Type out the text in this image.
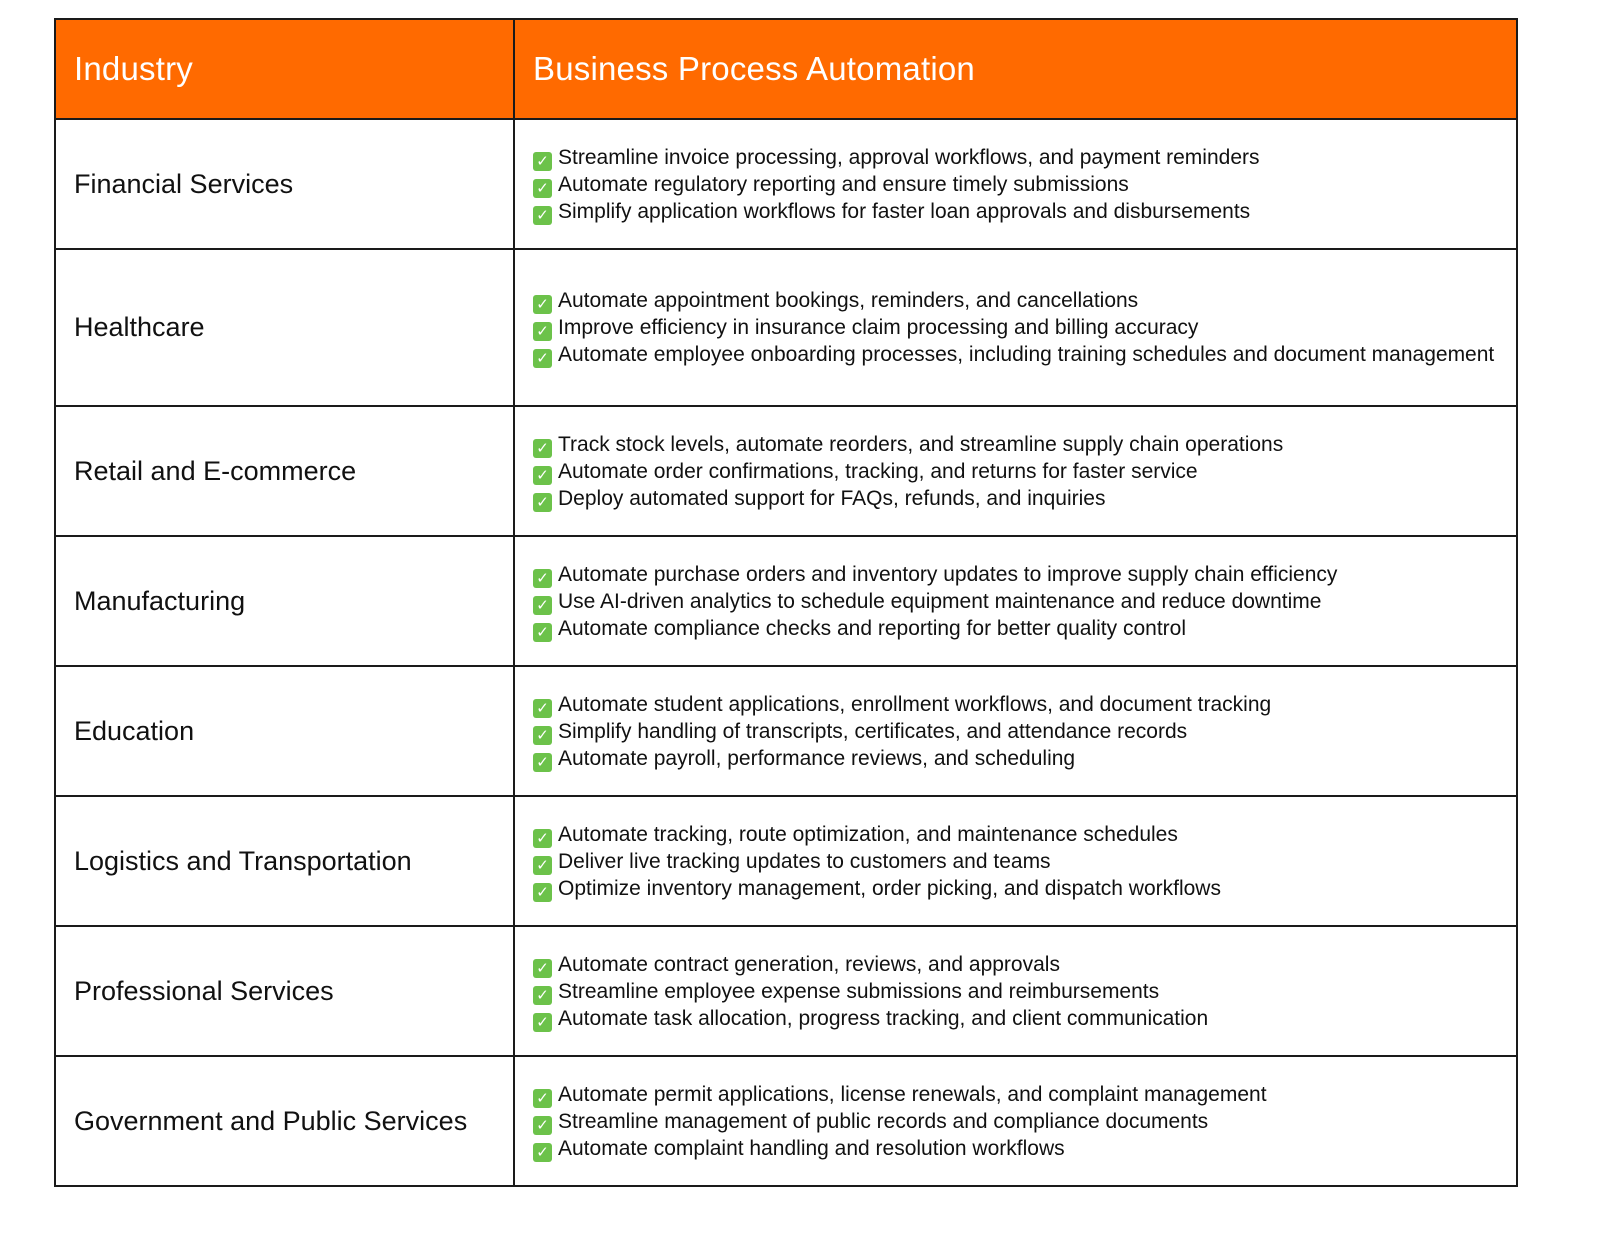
Industry	Business Process Automation
Financial Services	✓ Streamline invoice processing, approval workflows, and payment reminders
✓ Automate regulatory reporting and ensure timely submissions
✓ Simplify application workflows for faster loan approvals and disbursements

Healthcare	✓ Automate appointment bookings, reminders, and cancellations
✓ Improve efficiency in insurance claim processing and billing accuracy
✓ Automate employee onboarding processes, including training schedules and document management

Retail and E-commerce	✓ Track stock levels, automate reorders, and streamline supply chain operations
✓ Automate order confirmations, tracking, and returns for faster service
✓ Deploy automated support for FAQs, refunds, and inquiries

Manufacturing	✓ Automate purchase orders and inventory updates to improve supply chain efficiency
✓ Use AI-driven analytics to schedule equipment maintenance and reduce downtime
✓ Automate compliance checks and reporting for better quality control

Education	✓ Automate student applications, enrollment workflows, and document tracking
✓ Simplify handling of transcripts, certificates, and attendance records
✓ Automate payroll, performance reviews, and scheduling

Logistics and Transportation	✓ Automate tracking, route optimization, and maintenance schedules
✓ Deliver live tracking updates to customers and teams
✓ Optimize inventory management, order picking, and dispatch workflows

Professional Services	✓ Automate contract generation, reviews, and approvals
✓ Streamline employee expense submissions and reimbursements
✓ Automate task allocation, progress tracking, and client communication

Government and Public Services	✓ Automate permit applications, license renewals, and complaint management
✓ Streamline management of public records and compliance documents
✓ Automate complaint handling and resolution workflows
